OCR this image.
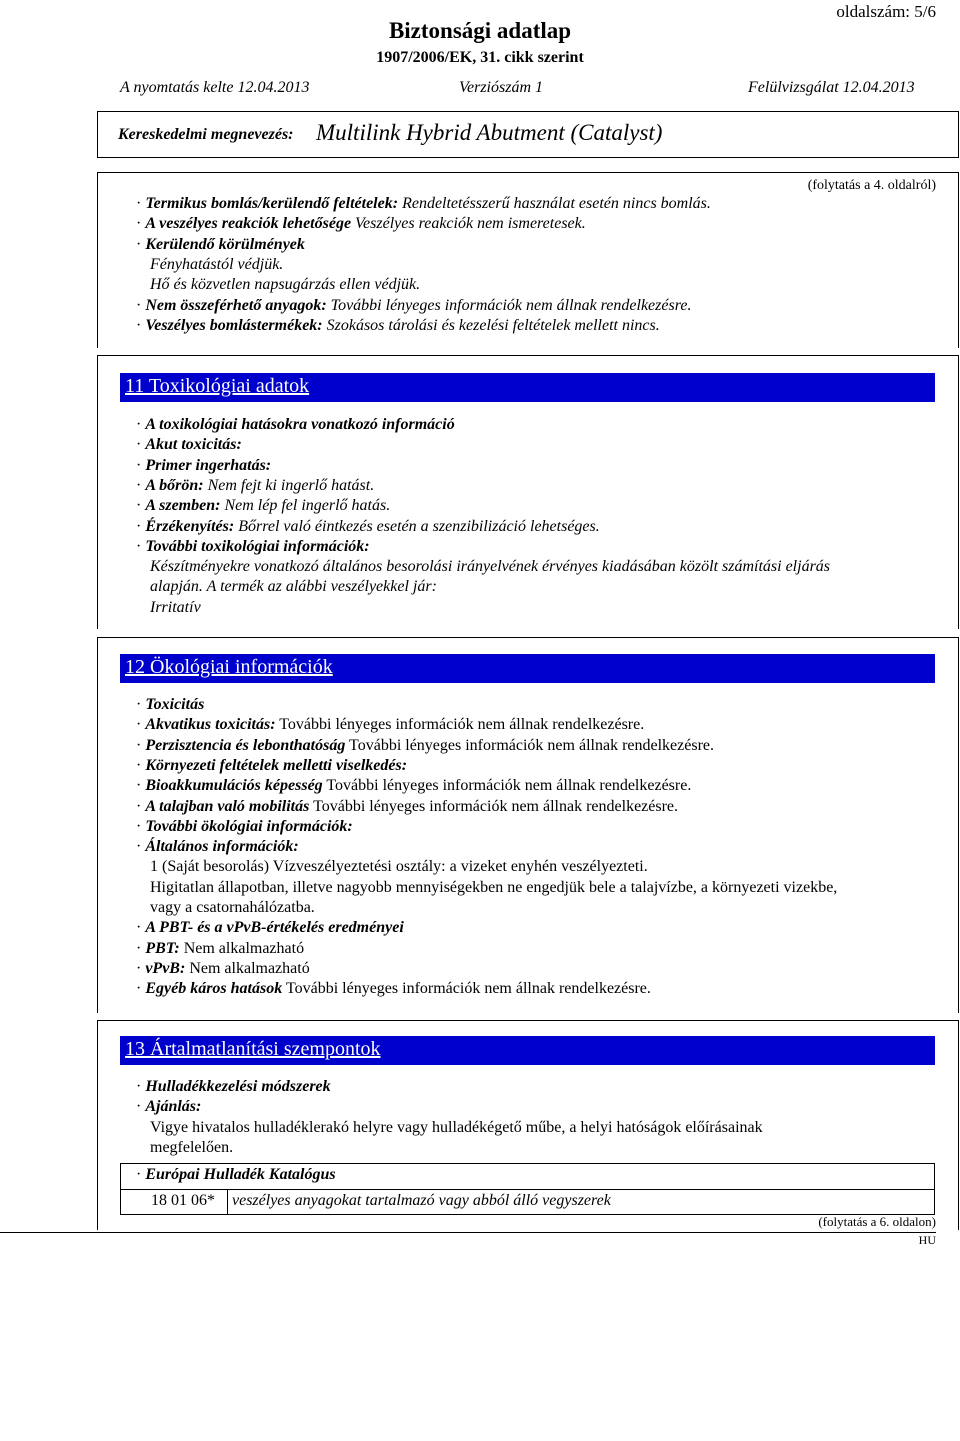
oldalszám: 5/6
Biztonsági adatlap
1907/2006/EK, 31. cikk szerint
A nyomtatás kelte 12.04.2013	Verziószám 1	Felülvizsgálat 12.04.2013
Kereskedelmi megnevezés: Multilink Hybrid Abutment (Catalyst)
(folytatás a 4. oldalról)
· Termikus bomlás/kerülendő feltételek: Rendeltetésszerű használat esetén nincs bomlás.
· A veszélyes reakciók lehetősége Veszélyes reakciók nem ismeretesek.
· Kerülendő körülmények
Fényhatástól védjük.
Hő és közvetlen napsugárzás ellen védjük.
· Nem összeférhető anyagok: További lényeges információk nem állnak rendelkezésre.
· Veszélyes bomlástermékek: Szokásos tárolási és kezelési feltételek mellett nincs.
11 Toxikológiai adatok
· A toxikológiai hatásokra vonatkozó információ
· Akut toxicitás:
· Primer ingerhatás:
· A bőrön: Nem fejt ki ingerlő hatást.
· A szemben: Nem lép fel ingerlő hatás.
· Érzékenyítés: Bőrrel való éintkezés esetén a szenzibilizáció lehetséges.
· További toxikológiai információk:
Készítményekre vonatkozó általános besorolási irányelvének érvényes kiadásában közölt számítási eljárás
alapján. A termék az alábbi veszélyekkel jár:
Irritatív
12 Ökológiai információk
· Toxicitás
· Akvatikus toxicitás: További lényeges információk nem állnak rendelkezésre.
· Perzisztencia és lebonthatóság További lényeges információk nem állnak rendelkezésre.
· Környezeti feltételek melletti viselkedés:
· Bioakkumulációs képesség További lényeges információk nem állnak rendelkezésre.
· A talajban való mobilitás További lényeges információk nem állnak rendelkezésre.
· További ökológiai információk:
· Általános információk:
1 (Saját besorolás) Vízveszélyeztetési osztály: a vizeket enyhén veszélyezteti.
Higitatlan állapotban, illetve nagyobb mennyiségekben ne engedjük bele a talajvízbe, a környezeti vizekbe,
vagy a csatornahálózatba.
· A PBT- és a vPvB-értékelés eredményei
· PBT: Nem alkalmazható
· vPvB: Nem alkalmazható
· Egyéb káros hatások További lényeges információk nem állnak rendelkezésre.
13 Ártalmatlanítási szempontok
· Hulladékkezelési módszerek
· Ajánlás:
Vigye hivatalos hulladéklerakó helyre vagy hulladékégető műbe, a helyi hatóságok előírásainak
megfelelően.
· Európai Hulladék Katalógus
18 01 06*	veszélyes anyagokat tartalmazó vagy abból álló vegyszerek
(folytatás a 6. oldalon)
HU
